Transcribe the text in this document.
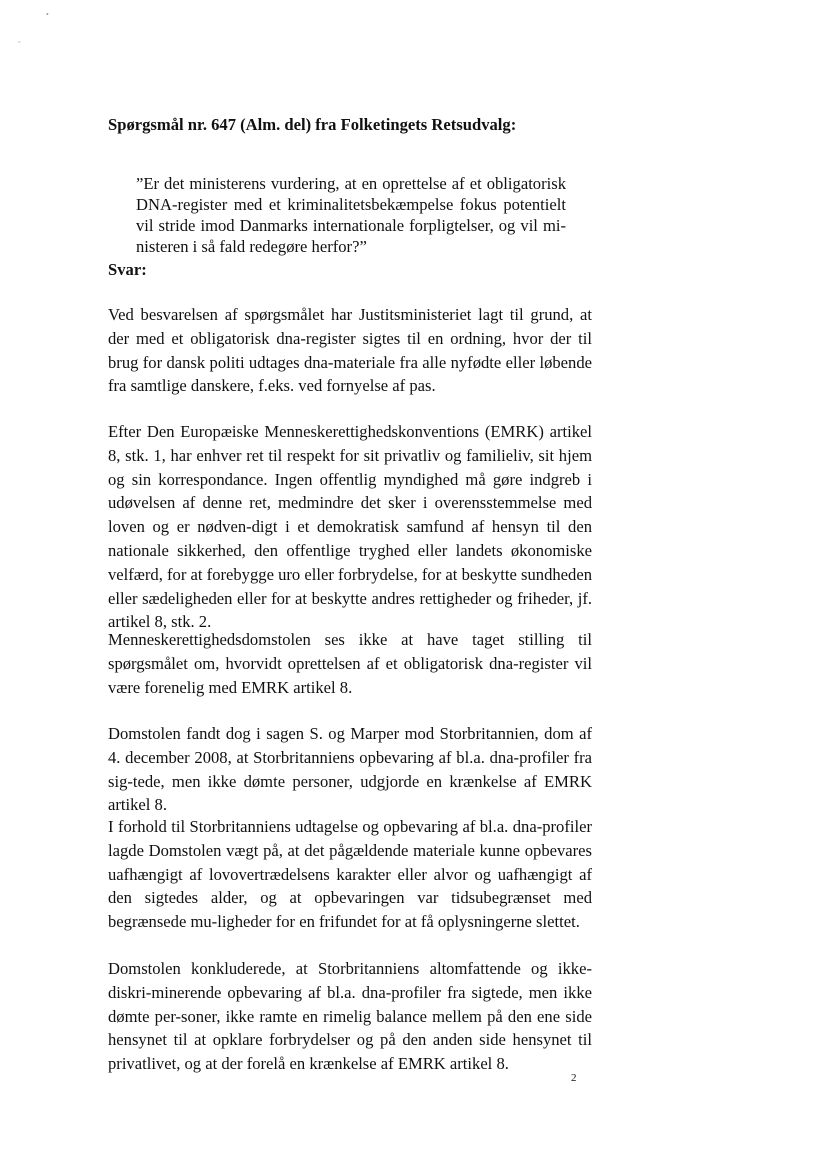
•
ˇ
Spørgsmål nr. 647 (Alm. del) fra Folketingets Retsudvalg:

”Er det ministerens vurdering, at en oprettelse af et obligatorisk DNA-register med et kriminalitetsbekæmpelse fokus potentielt vil stride imod Danmarks internationale forpligtelser, og vil mi-nisteren i så fald redegøre herfor?”

Svar:

Ved besvarelsen af spørgsmålet har Justitsministeriet lagt til grund, at der med et obligatorisk dna-register sigtes til en ordning, hvor der til brug for dansk politi udtages dna-materiale fra alle nyfødte eller løbende fra samtlige danskere, f.eks. ved fornyelse af pas.

Efter Den Europæiske Menneskerettighedskonventions (EMRK) artikel 8, stk. 1, har enhver ret til respekt for sit privatliv og familieliv, sit hjem og sin korrespondance. Ingen offentlig myndighed må gøre indgreb i udøvelsen af denne ret, medmindre det sker i overensstemmelse med loven og er nødven-digt i et demokratisk samfund af hensyn til den nationale sikkerhed, den offentlige tryghed eller landets økonomiske velfærd, for at forebygge uro eller forbrydelse, for at beskytte sundheden eller sædeligheden eller for at beskytte andres rettigheder og friheder, jf. artikel 8, stk. 2.

Menneskerettighedsdomstolen ses ikke at have taget stilling til spørgsmålet om, hvorvidt oprettelsen af et obligatorisk dna-register vil være forenelig med EMRK artikel 8.

Domstolen fandt dog i sagen S. og Marper mod Storbritannien, dom af 4. december 2008, at Storbritanniens opbevaring af bl.a. dna-profiler fra sig-tede, men ikke dømte personer, udgjorde en krænkelse af EMRK artikel 8.

I forhold til Storbritanniens udtagelse og opbevaring af bl.a. dna-profiler lagde Domstolen vægt på, at det pågældende materiale kunne opbevares uafhængigt af lovovertrædelsens karakter eller alvor og uafhængigt af den sigtedes alder, og at opbevaringen var tidsubegrænset med begrænsede mu-ligheder for en frifundet for at få oplysningerne slettet.

Domstolen konkluderede, at Storbritanniens altomfattende og ikke-diskri-minerende opbevaring af bl.a. dna-profiler fra sigtede, men ikke dømte per-soner, ikke ramte en rimelig balance mellem på den ene side hensynet til at opklare forbrydelser og på den anden side hensynet til privatlivet, og at der forelå en krænkelse af EMRK artikel 8.

2
